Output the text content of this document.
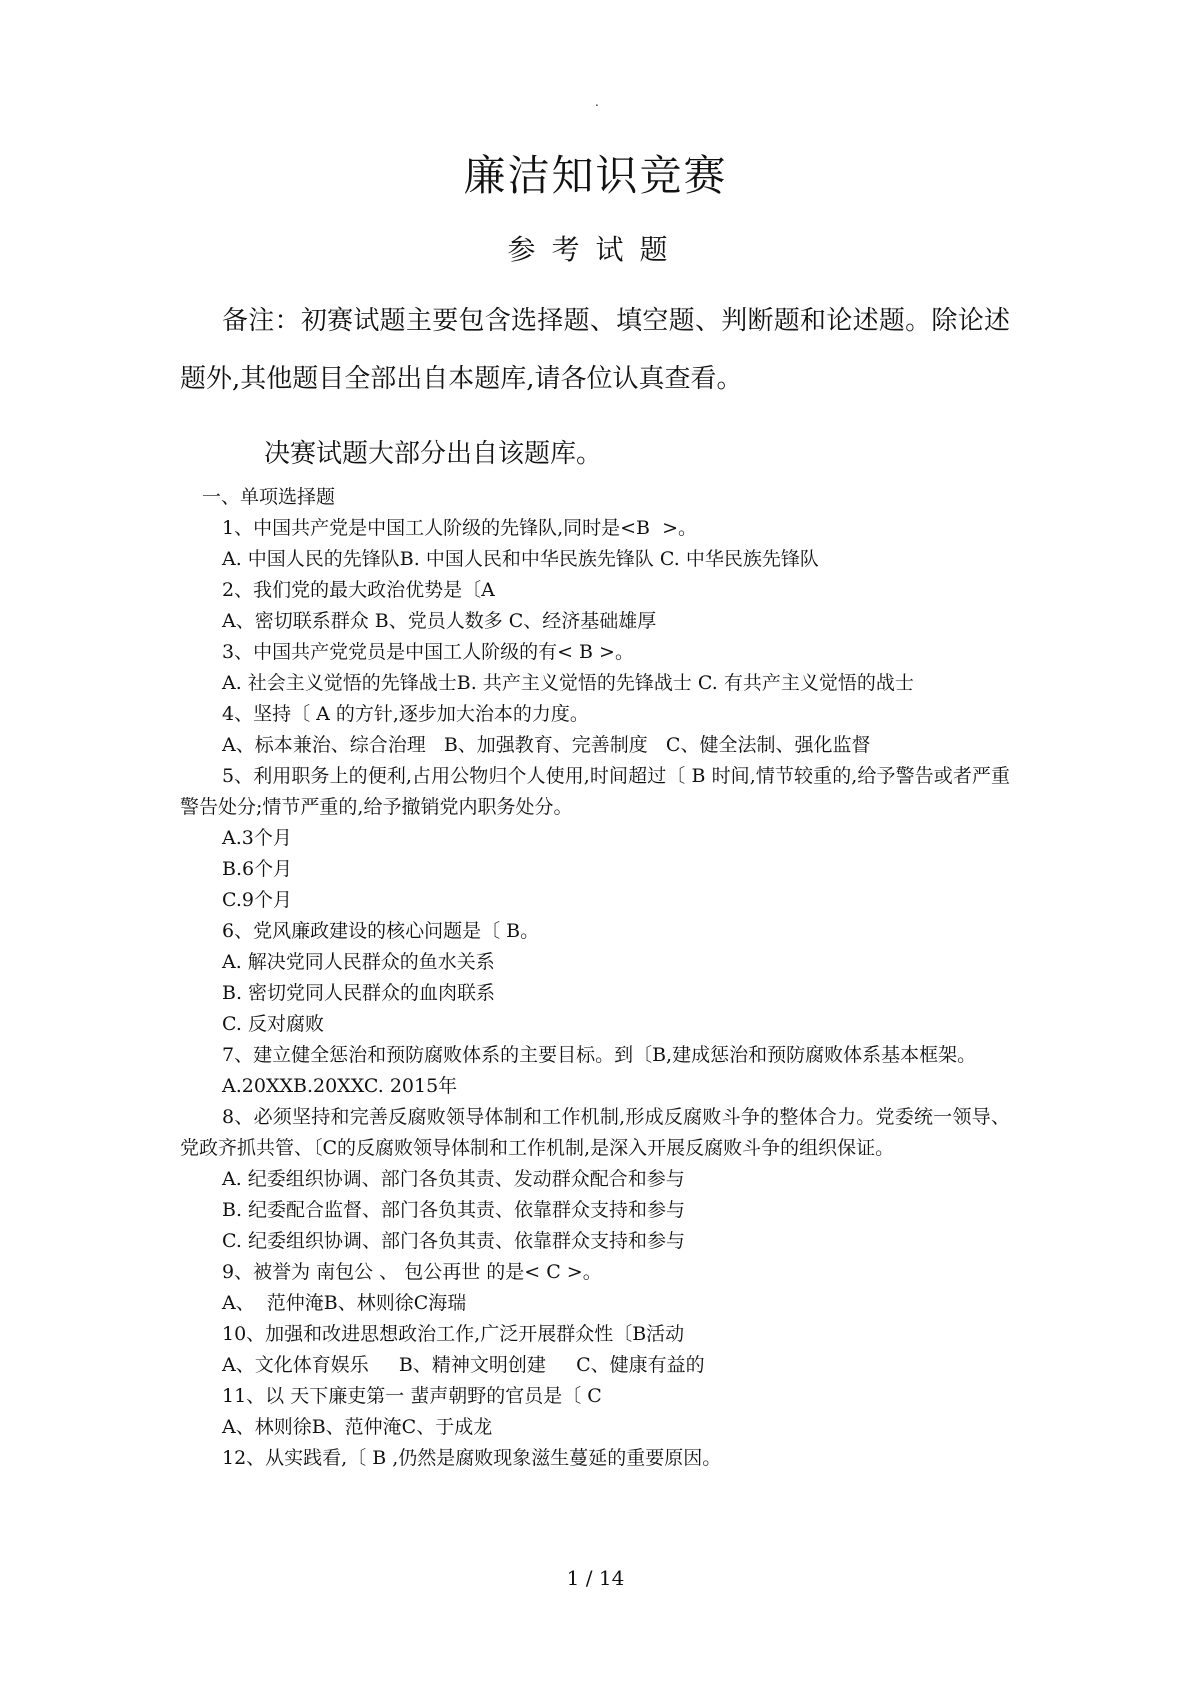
.
廉洁知识竞赛
参考试题
备注：初赛试题主要包含选择题、填空题、判断题和论述题。除论述题外,其他题目全部出自本题库,请各位认真查看。
决赛试题大部分出自该题库。
一、单项选择题
1、中国共产党是中国工人阶级的先锋队,同时是<B  >。
A. 中国人民的先锋队B. 中国人民和中华民族先锋队 C. 中华民族先锋队
2、我们党的最大政治优势是〔A
A、密切联系群众 B、党员人数多 C、经济基础雄厚
3、中国共产党党员是中国工人阶级的有< B >。
A. 社会主义觉悟的先锋战士B. 共产主义觉悟的先锋战士 C. 有共产主义觉悟的战士
4、坚持〔 A 的方针,逐步加大治本的力度。
A、标本兼治、综合治理   B、加强教育、完善制度   C、健全法制、强化监督
5、利用职务上的便利,占用公物归个人使用,时间超过〔 B 时间,情节较重的,给予警告或者严重警告处分;情节严重的,给予撤销党内职务处分。
A.3个月
B.6个月
C.9个月
6、党风廉政建设的核心问题是〔 B。
A. 解决党同人民群众的鱼水关系
B. 密切党同人民群众的血肉联系
C. 反对腐败
7、建立健全惩治和预防腐败体系的主要目标。到〔B,建成惩治和预防腐败体系基本框架。
A.20XXB.20XXC. 2015年
8、必须坚持和完善反腐败领导体制和工作机制,形成反腐败斗争的整体合力。党委统一领导、党政齐抓共管、〔C的反腐败领导体制和工作机制,是深入开展反腐败斗争的组织保证。
A. 纪委组织协调、部门各负其责、发动群众配合和参与
B. 纪委配合监督、部门各负其责、依靠群众支持和参与
C. 纪委组织协调、部门各负其责、依靠群众支持和参与
9、被誉为 南包公 、 包公再世 的是< C >。
A、  范仲淹B、林则徐C海瑞
10、加强和改进思想政治工作,广泛开展群众性〔B活动
A、文化体育娱乐     B、精神文明创建     C、健康有益的
11、以 天下廉吏第一 蜚声朝野的官员是〔 C
A、林则徐B、范仲淹C、于成龙
12、从实践看,〔 B ,仍然是腐败现象滋生蔓延的重要原因。
1 / 14
